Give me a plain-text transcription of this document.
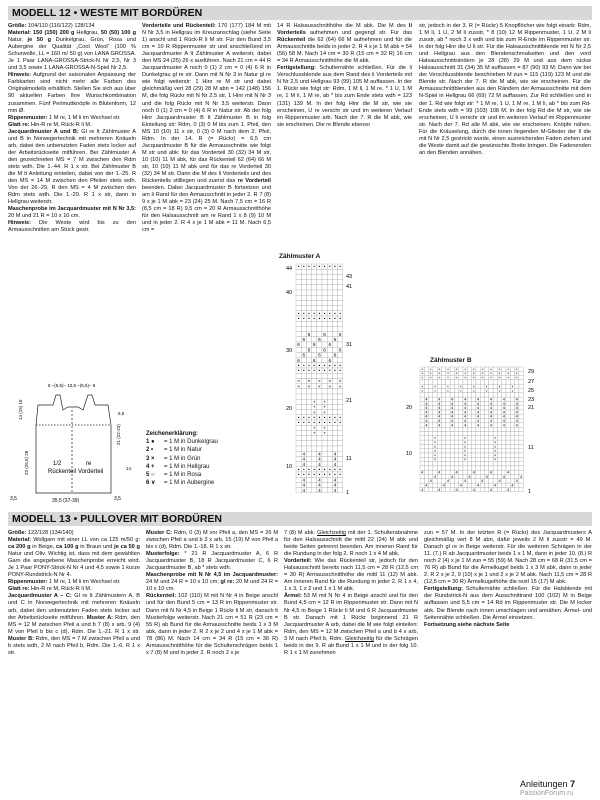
MODELL 12 • WESTE MIT BORDÜREN
Größe: 104/110 (116/122) 128/134
Material: 150 (150) 200 g Hellgrau, 50 (50) 100 g Natur, je 50 g Dunkelgrau, Grün, Rosa und Aubergine der Qualität „Cool Wool“ (100 % Schurwolle, LL = 160 m/ 50 g) von LANA GROSSA. Je 1 Paar LANA-GROSSA-Strick-N Nr 2,5, Nr 3 und 3,5 sowie 1 LANA-GROSSA-N-Spiel Nr 2,5.
Hinweis: Aufgrund der saisonalen Anpassung der Farbkarten sind nicht mehr alle Farben des Originalmodells erhältlich. Stellen Sie sich aus über 90 aktuellen Farben Ihre Wunschkombination zusammen. Fünf Perlmuttknöpfe in Blütenform, 12 mm Ø.
Rippenmuster: 1 M re, 1 M li im Wechsel str.
Glatt re: Hin-R re M, Rück-R li M.
Jacquardmuster A und B: Gl re lt Zählmuster A und B in Norwegertechnik mit mehreren Knäueln arb, dabei den unbenutzten Faden stets locker auf der Arbeitsrückseite mitführen. Bei Zählmuster A den gezeichneten MS = 7 M zwischen den Rdm stets wdh. Die 1.-44. R 1 x str. Bei Zählmuster B die M lt Anleitung einteilen, dabei von der 1.-25. R den MS = 14 M zwischen den Pfeilen stets wdh. Von der 26.-29. R den MS = 4 M zwischen den Rdm stets wdh. Die 1.-29. R 1 x str, dann in Hellgrau weiterstr.
Maschenprobe im Jacquardmuster mit N Nr 3,5: 20 M und 21 R = 10 x 10 cm.
Hinweis: Die Weste wird bis zu den Armausschnitten am Stück gestr.
Vorderteile und Rückenteil: 170 (177) 184 M mit N Nr 3,5 in Hellgrau im Kreuzanschlag (siehe Seite 1) anschl und 1 Rück-R li M str. Für den Bund 3,5 cm = 10 R Rippenmuster str und anschließend im Jacquardmuster A lt Zählmuster A weiterstr, dabei den MS 24 (25) 26 x ausführen. Nach 21 cm = 44 R Jacquardmuster A noch 0 (1) 2 cm = 0 (4) 6 R in Dunkelgrau gl re str. Dann mit N Nr 3 in Natur gl re wie folgt weiterstr: 1 Hinr re M str und dabei gleichmäßig vert 28 (29) 28 M abn = 142 (148) 156 M, die folg Rückr mit N Nr 2,5 str, 1 Hinr mit N Nr 3 und die folg Rückr mit N Nr 3,5 weiterstr. Dann noch 0 (1) 2 cm = 0 (4) 6 R in Natur str. Ab der folg Hinr Jacquardmuster B lt Zählmuster B in folg Einteilung str: Rdm, 0 (3) 0 M bis zum 1. Pfeil, den MS 10 (10) 11 x str, 0 (3) 0 M nach dem 2. Pfeil, Rdm. In der 14. R (= Rückr) = 6,5 cm Jacquardmuster B für die Armausschnitte wie folgt M str und abk: für das Vorderteil 30 (32) 34 M str, 10 (10) 11 M abk, für das Rückenteil 62 (64) 66 M str, 10 (10) 11 M abk und für das re Vorderteil 30 (32) 34 M str. Dann die M des li Vorderteils und des Rückenteils stilllegen und zuerst das re Vorderteil beenden. Dabei Jacquardmuster B fortsetzen und am li Rand für den Armausschnitt in jeder 2. R 7 (8) 9 x je 1 M abk = 23 (24) 25 M. Nach 7,5 cm = 16 R (8,5 cm = 18 R) 9,5 cm = 20 R Armausschnitthöhe für den Halsausschnitt am re Rand 1 x 8 (9) 10 M und in jeder 2. R 4 x je 1 M abk = 11 M. Nach 6,5 cm =
14 R Halsausschnitthöhe die M abk. Die M des li Vorderteils aufnehmen und gegengl str. Für das Rückenteil die 62 (64) 66 M aufnehmen und für die Armausschnitte beids in jeder 2. R 4 x je 1 M abk = 54 (56) 58 M. Nach 14 cm = 30 R (15 cm = 32 R) 16 cm = 34 R Armausschnitthöhe die M abk.
Fertigstellung: Schulternähte schließen. Für die li Verschlussblende aus dem Rand des li Vorderteils mit N Nr 2,5 und Hellgrau 93 (99) 105 M auffassen. In der 1. Rückr wie folgt str: Rdm, 1 M li, 1 M re, * 1 U, 1 M re, 1 M li, 1 M re, ab * bis zum Ende stets wdh = 123 (131) 139 M. In der folg Hinr die M str, wie sie erscheinen, U re verschr str und im weiteren Verlauf im Rippenmuster arb. Nach der 7. R die M abk, wie sie erscheinen. Die re Blende ebenso
str, jedoch in der 3. R (= Rückr) 5 Knopflöcher wie folgt einarb: Rdm, 1 M li, 1 U, 2 M li zusstr, * 8 (10) 12 M Rippenmuster, 1 U, 2 M li zusstr, ab * noch 3 x wdh und bis zum R-Ende im Rippenmuster str. In der folg Hinr die U li str. Für die Halsausschnittblende mit N Nr 2,5 und Hellgrau aus den Blendenschmalseiten und den vord Halsausschnitträndern je 28 (28) 29 M und aus dem rückw Halsausschnitt 31 (34) 35 M auffassen = 87 (90) 93 M. Dann wie bei der Verschlussblende beschrieben M zun = 115 (119) 123 M und die Blende str. Nach der 7. R die M abk, wie sie erscheinen. Für die Armausschnittblenden aus den Rändern der Armausschnitte mit dem N-Spiel in Hellgrau 66 (69) 72 M auffassen. Zur Rd schließen und in der 1. Rd wie folgt str: * 1 M re, 1 U, 1 M re, 1 M li, ab * bis zum Rd-Ende stets wdh = 99 (103) 108 M. In der folg Rd die M str, wie sie erscheinen, U li verschr str und im weiteren Verlauf im Rippenmuster str. Nach der 7. Rd alle M abk, wie sie erscheinen. Knöpfe nähen. Für die Kräuselung, durch die innen liegenden M-Glieder der Il die mit N Nr 2,5 gestrickt wurde, einen ausreichenden Faden ziehen und die Weste damit auf die gewünschte Breite bringen. Die Fadenenden an den Blenden annähen.
1/2
Rückenteil
re
Vorderteil
8 –(5,5)– 10,5 –(5,5)– 8
3,5	35,5 (37-39)	3,5
21 (22-23)
14
23 (25,5) 28
14 (15) 16	6,5
Zeichenerklärung:
1 ● = 1 M in Dunkelgrau
2 • = 1 M in Natur
3 × = 1 M in Grün
4 + = 1 M in Hellgrau
5 ○ = 1 M in Rosa
6 ∨ = 1 M in Aubergine
Zählmuster A
• • • • • • • • •
• • • • • • • • •
• • • • • • • • •
6	6	6
6	6	6
6	6	6
6	6	6
6	6	6
6	6	6
• • • • • • • • •
• • • • • • • • •
× × × × ×
× × × × ×
+ +
+ +
+ +
• • • • • • • • •
• • • • • • • • •
+ +
+ +
4	4	4
4	4	4
4	4	4
• • • • • • • • •
• • • • • • • • •
4	4	4
4	4	4
4	4	4
44
43
41
40
31
30
21
20
11
10
1
Zählmuster B
+ + + + + + + + + + + +
+ + + + + + + + + + + +
+ + + + + + + + + + + +
•	•	•	•	•	•	•	•
•	•	•	•	•	•	•	•
4	4	4	4	4	4	4	4
4	4	4	4	4	4	4	4
4	4	4	4	4	4	4	4
4	4	4	4	4	4	4	4
4	4	4	4	4	4	4	4
4	4	4	4	4	4	4	4
4	4	4	4	4	4	4	4
×	×	×
×	×	×
×	×	×
×	×	×
×	×	×
×	×	×
4	4	4	4	4	4
4	4	4	4	4	4
4	4	4	4	4	4
4	4	4	4	4	4
4	4	4	4	4	4
29
27
25
23
21
20
11
10
1
MODELL 13 • PULLOVER MIT BORDÜREN
Größe: 122/128 (134/140)
Material: Wollgarn mit einer LL von ca 125 m/50 g: ca 200 g in Beige, ca 100 g in Braun und je ca 50 g Natur und Oliv. Wichtig ist, dass mit dem gewählten Garn die angegebene Maschenprobe erreicht wird. Je 1 Paar PONY-Strick-N Nr 4 und 4,5 sowie 1 kurze PONY-Rundstrick-N Nr 4.
Rippenmuster: 1 M re, 1 M li im Wechsel str.
Glatt re: Hin-R re M, Rück-R li M.
Jacquardmuster A – C: Gl re lt Zählmustern A, B und C in Norwegertechnik mit mehreren Knäueln arb, dabei den unbenutzten Faden stets locker auf der Arbeitsrückseite mitführen. Muster A: Rdm, den MS = 12 M zwischen Pfeil a und b 7 (8) x arb, 9 (4) M von Pfeil b bis c (d), Rdm. Die 1.-21. R 1 x str. Muster B: Rdm, den MS = 7 M zwischen Pfeil a und b stets wdh, 2 M nach Pfeil b, Rdm. Die 1.-6. R 1 x str.
Muster C: Rdm, 0 (3) M vor Pfeil a, den MS = 26 M zwischen Pfeil a und b 3 x arb, 15 (19) M von Pfeil a bis c (d), Rdm. Die 1.-18. R 1 x str.
Musterfolge: * 21 R Jacquardmuster A, 6 R Jacquardmuster B, 18 R Jacquardmuster C, 6 R Jacquardmuster B, ab * stets wdh.
Maschenprobe mit N Nr 4,5 im Jacquardmuster: 24 M und 24 R = 10 x 10 cm; gl re: 20 M und 24 R = 10 x 10 cm.
Rückenteil: 102 (110) M mit N Nr 4 in Beige anschl und für den Bund 5 cm = 13 R im Rippenmuster str. Dann mit N Nr 4,5 in Beige 1 Rückr li M str, danach lt Musterfolge weiterstr. Nach 21 cm = 51 R (23 cm = 55 R) ab Bund für die Armausschnitte beids 1 x 3 M abk, dann in jeder 2. R 2 x je 2 und 4 x je 1 M abk = 78 (86) M. Nach 14 cm = 34 R (15 cm = 36 R) Armausschnitthöhe für die Schulterschrägen beids 1 x 7 (8) M und in jeder 2. R noch 2 x je
7 (8) M abk. Gleichzeitig mit der 1. Schulterabnahme für den Halsausschnitt die mittl 22 (24) M abk und beide Seiten getrennt beenden. Am inneren Rand für die Rundung in der folg 2. R noch 1 x 4 M abk.
Vorderteil: Wie das Rückenteil str, jedoch für den Halsausschnitt bereits nach 11,5 cm = 28 R (12,5 cm = 30 R) Armausschnitthöhe die mittl 11 (12) M abk. Am inneren Rand für die Rundung in jeder 2. R 1 x 4, 1 x 3, 1 x 2 und 1 x 1 M abk.
Ärmel: 53 M mit N Nr 4 in Beige anschl und für den Bund 4,5 cm = 12 R im Rippenmuster str. Dann mit N Nr 4,5 in Beige 1 Rückr li M und 6 R Jacquardmuster B str. Danach mit 1 Rückr beginnend 21 R Jacquardmuster A arb, dabei die M wie folgt einteilen: Rdm, den MS = 12 M zwischen Pfeil a und b 4 x arb, 3 M nach Pfeil b, Rdm. Gleichzeitig für die Schrägen beids in der 9. R ab Bund 1 x 1 M und in der folg 10. R 1 x 1 M zunehmen
zun = 57 M. In der letzten R (= Rückr) des Jacquardmusters A gleichmäßig vert 8 M abn, dafür jeweils 2 M li zusstr = 49 M. Danach gl re in Beige weiterstr. Für die weiteren Schrägen in der 11. (7.) R ab Jacquardmuster beids 1 x 1 M, dann in jeder 10. (8.) R noch 2 (4) x je 1 M zun = 55 (59) M. Nach 28 cm = 68 R (31,5 cm = 76 R) ab Bund für die Ärmelkugel beids 1 x 3 M abk, dann in jeder 2. R 2 x je 2, 9 (10) x je 1 und 2 x je 2 M abk. Nach 11,5 cm = 28 R (12,5 cm = 30 R) Ärmelkugelhöhe die restl 15 (17) M abk.
Fertigstellung: Schulternähte schließen. Für die Halsblende mit der Rundstrick-N aus dem Ausschnittrand 100 (102) M in Beige auffassen und 5,5 cm = 14 Rd im Rippenmuster str. Die M locker abk. Die Blende nach innen umschlagen und annähen. Ärmel- und Seitennähte schließen. Die Ärmel einsetzen.
Fortsetzung siehe nächste Seite
Anleitungen 7
PassionForum.ru
